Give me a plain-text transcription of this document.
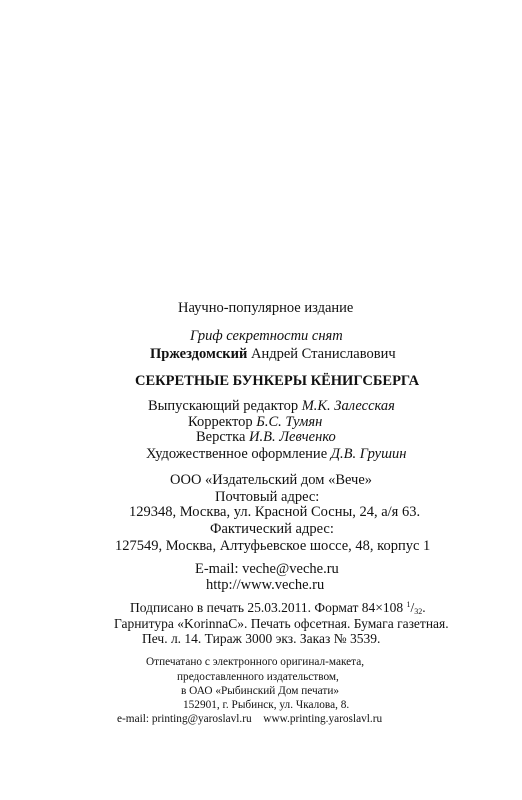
Научно-популярное издание
Гриф секретности снят
Пржездомский Андрей Станиславович
СЕКРЕТНЫЕ БУНКЕРЫ КЁНИГСБЕРГА
Выпускающий редактор М.К. Залесская
Корректор Б.С. Тумян
Верстка И.В. Левченко
Художественное оформление Д.В. Грушин
ООО «Издательский дом «Вече»
Почтовый адрес:
129348, Москва, ул. Красной Сосны, 24, а/я 63.
Фактический адрес:
127549, Москва, Алтуфьевское шоссе, 48, корпус 1
E-mail: veche@veche.ru
http://www.veche.ru
Подписано в печать 25.03.2011. Формат 84×108 $^1/_{32}$.
Гарнитура «KorinnaC». Печать офсетная. Бумага газетная.
Печ. л. 14. Тираж 3000 экз. Заказ № 3539.
Отпечатано с электронного оригинал-макета,
предоставленного издательством,
в ОАО «Рыбинский Дом печати»
152901, г. Рыбинск, ул. Чкалова, 8.
e-mail: printing@yaroslavl.ru www.printing.yaroslavl.ru
